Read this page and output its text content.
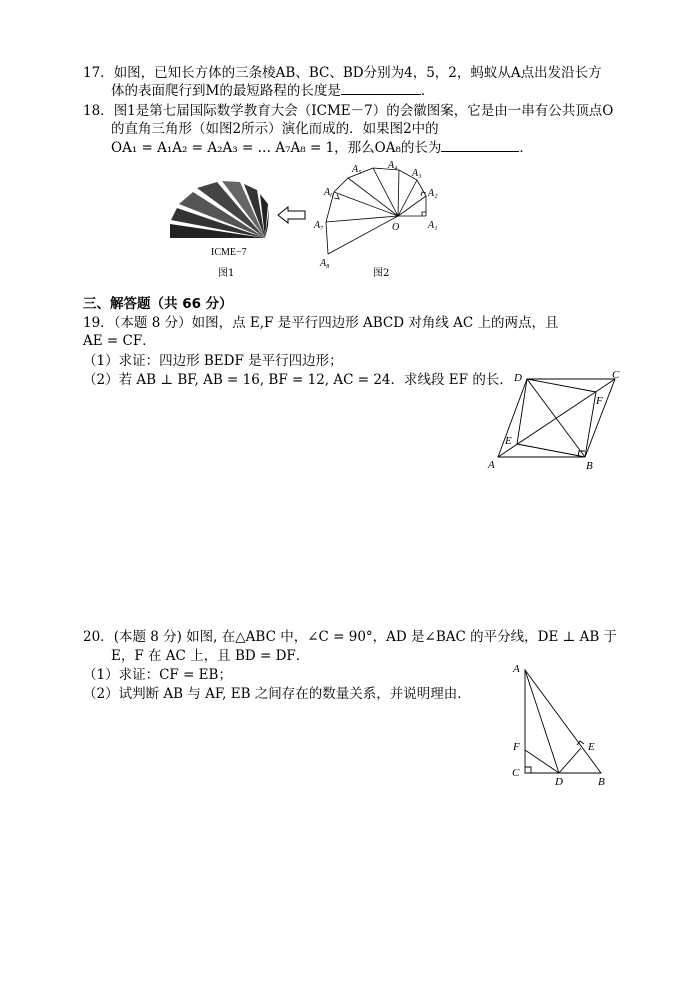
17．如图，已知长方体的三条棱AB、BC、BD分别为4，5，2，蚂蚁从A点出发沿长方
体的表面爬行到M的最短路程的长度是	．
18．图1是第七届国际数学教育大会（ICME－7）的会徽图案，它是由一串有公共顶点O
的直角三角形（如图2所示）演化而成的．如果图2中的
OA₁ = A₁A₂ = A₂A₃ = … A₇A₈ = 1，那么OA₈的长为	．
ICME−7
图1
O	A₁
A₂
A₃
A₄
A₅
A₆
A₇
A₈
图2
三、解答题（共 66 分）
19．（本题 8 分）如图，点 E,F 是平行四边形 ABCD 对角线 AC 上的两点，且
AE = CF．
（1）求证：四边形 BEDF 是平行四边形；
（2）若 AB ⊥ BF, AB = 16, BF = 12, AC = 24．求线段 EF 的长．
A	B
C
D
E
F
20．(本题 8 分) 如图, 在△ABC 中，∠C = 90°，AD 是∠BAC 的平分线，DE ⊥ AB 于
E，F 在 AC 上，且 BD = DF．
（1）求证：CF = EB；
（2）试判断 AB 与 AF, EB 之间存在的数量关系，并说明理由．
A
B
C
D
E
F
